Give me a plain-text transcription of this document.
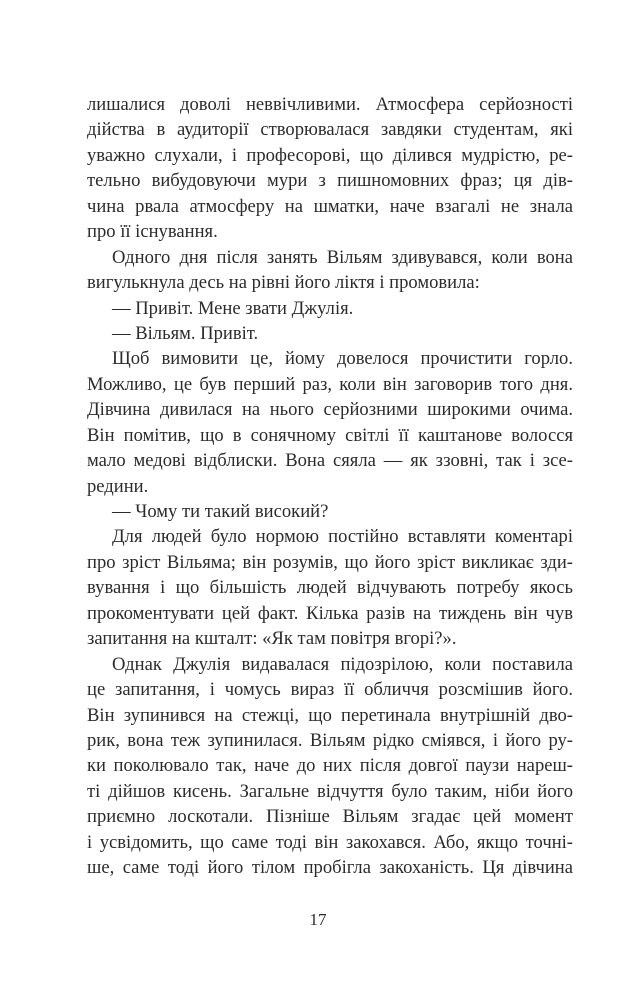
лишалися доволі неввічливими. Атмосфера серйозності
дійства в аудиторії створювалася завдяки студентам, які
уважно слухали, і професорові, що ділився мудрістю, ре-
тельно вибудовуючи мури з пишномовних фраз; ця дів-
чина рвала атмосферу на шматки, наче взагалі не знала
про її існування.
Одного дня після занять Вільям здивувався, коли вона
вигулькнула десь на рівні його ліктя і промовила:
— Привіт. Мене звати Джулія.
— Вільям. Привіт.
Щоб вимовити це, йому довелося прочистити горло.
Можливо, це був перший раз, коли він заговорив того дня.
Дівчина дивилася на нього серйозними широкими очима.
Він помітив, що в сонячному світлі її каштанове волосся
мало медові відблиски. Вона сяяла — як ззовні, так і зсе-
редини.
— Чому ти такий високий?
Для людей було нормою постійно вставляти коментарі
про зріст Вільяма; він розумів, що його зріст викликає зди-
вування і що більшість людей відчувають потребу якось
прокоментувати цей факт. Кілька разів на тиждень він чув
запитання на кшталт: «Як там повітря вгорі?».
Однак Джулія видавалася підозрілою, коли поставила
це запитання, і чомусь вираз її обличчя розсмішив його.
Він зупинився на стежці, що перетинала внутрішній дво-
рик, вона теж зупинилася. Вільям рідко сміявся, і його ру-
ки поколювало так, наче до них після довгої паузи нареш-
ті дійшов кисень. Загальне відчуття було таким, ніби його
приємно лоскотали. Пізніше Вільям згадає цей момент
і усвідомить, що саме тоді він закохався. Або, якщо точні-
ше, саме тоді його тілом пробігла закоханість. Ця дівчина
17
